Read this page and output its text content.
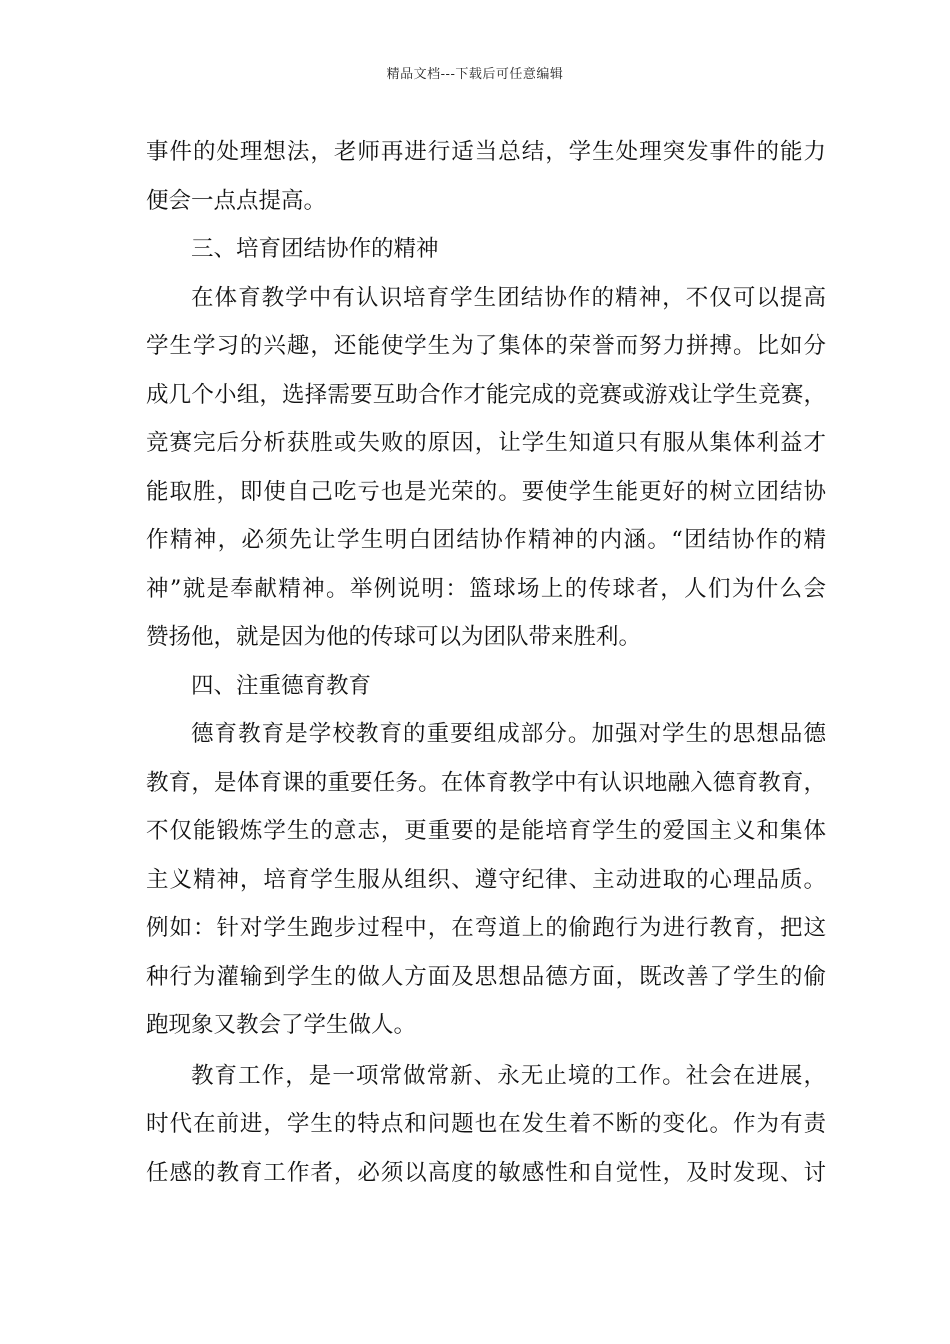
精品文档---下载后可任意编辑
事件的处理想法，老师再进行适当总结，学生处理突发事件的能力
便会一点点提高。
三、培育团结协作的精神
在体育教学中有认识培育学生团结协作的精神，不仅可以提高
学生学习的兴趣，还能使学生为了集体的荣誉而努力拼搏。比如分
成几个小组，选择需要互助合作才能完成的竞赛或游戏让学生竞赛，
竞赛完后分析获胜或失败的原因，让学生知道只有服从集体利益才
能取胜，即使自己吃亏也是光荣的。要使学生能更好的树立团结协
作精神，必须先让学生明白团结协作精神的内涵。“团结协作的精
神”就是奉献精神。举例说明：篮球场上的传球者，人们为什么会
赞扬他，就是因为他的传球可以为团队带来胜利。
四、注重德育教育
德育教育是学校教育的重要组成部分。加强对学生的思想品德
教育，是体育课的重要任务。在体育教学中有认识地融入德育教育，
不仅能锻炼学生的意志，更重要的是能培育学生的爱国主义和集体
主义精神，培育学生服从组织、遵守纪律、主动进取的心理品质。
例如：针对学生跑步过程中，在弯道上的偷跑行为进行教育，把这
种行为灌输到学生的做人方面及思想品德方面，既改善了学生的偷
跑现象又教会了学生做人。
教育工作，是一项常做常新、永无止境的工作。社会在进展，
时代在前进，学生的特点和问题也在发生着不断的变化。作为有责
任感的教育工作者，必须以高度的敏感性和自觉性，及时发现、讨
